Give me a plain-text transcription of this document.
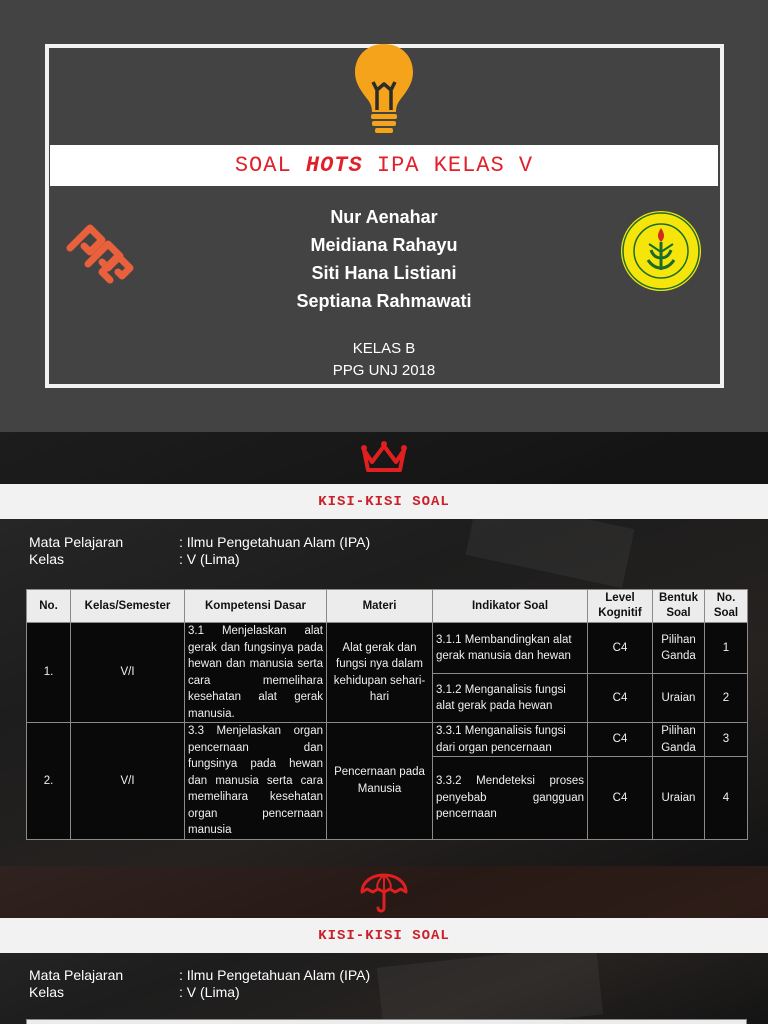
SOAL HOTS IPA KELAS V
Nur Aenahar
Meidiana Rahayu
Siti Hana Listiani
Septiana Rahmawati
KELAS B
PPG UNJ 2018
KISI-KISI SOAL
Mata Pelajaran	: Ilmu Pengetahuan Alam (IPA)
Kelas	: V (Lima)
No.	Kelas/Semester	Kompetensi Dasar	Materi	Indikator Soal	Level Kognitif	Bentuk Soal	No. Soal
1.	V/I	3.1 Menjelaskan alat gerak dan fungsinya pada hewan dan manusia serta cara memelihara kesehatan alat gerak manusia.	Alat gerak dan fungsi nya dalam kehidupan sehari-hari	3.1.1 Membandingkan alat gerak manusia dan hewan	C4	Pilihan Ganda	1
				3.1.2 Menganalisis fungsi alat gerak pada hewan	C4	Uraian	2
2.	V/I	3.3 Menjelaskan organ pencernaan dan fungsinya pada hewan dan manusia serta cara memelihara kesehatan organ pencernaan manusia	Pencernaan pada Manusia	3.3.1 Menganalisis fungsi dari organ pencernaan	C4	Pilihan Ganda	3
				3.3.2 Mendeteksi proses penyebab gangguan pencernaan	C4	Uraian	4
KISI-KISI SOAL
Mata Pelajaran	: Ilmu Pengetahuan Alam (IPA)
Kelas	: V (Lima)
